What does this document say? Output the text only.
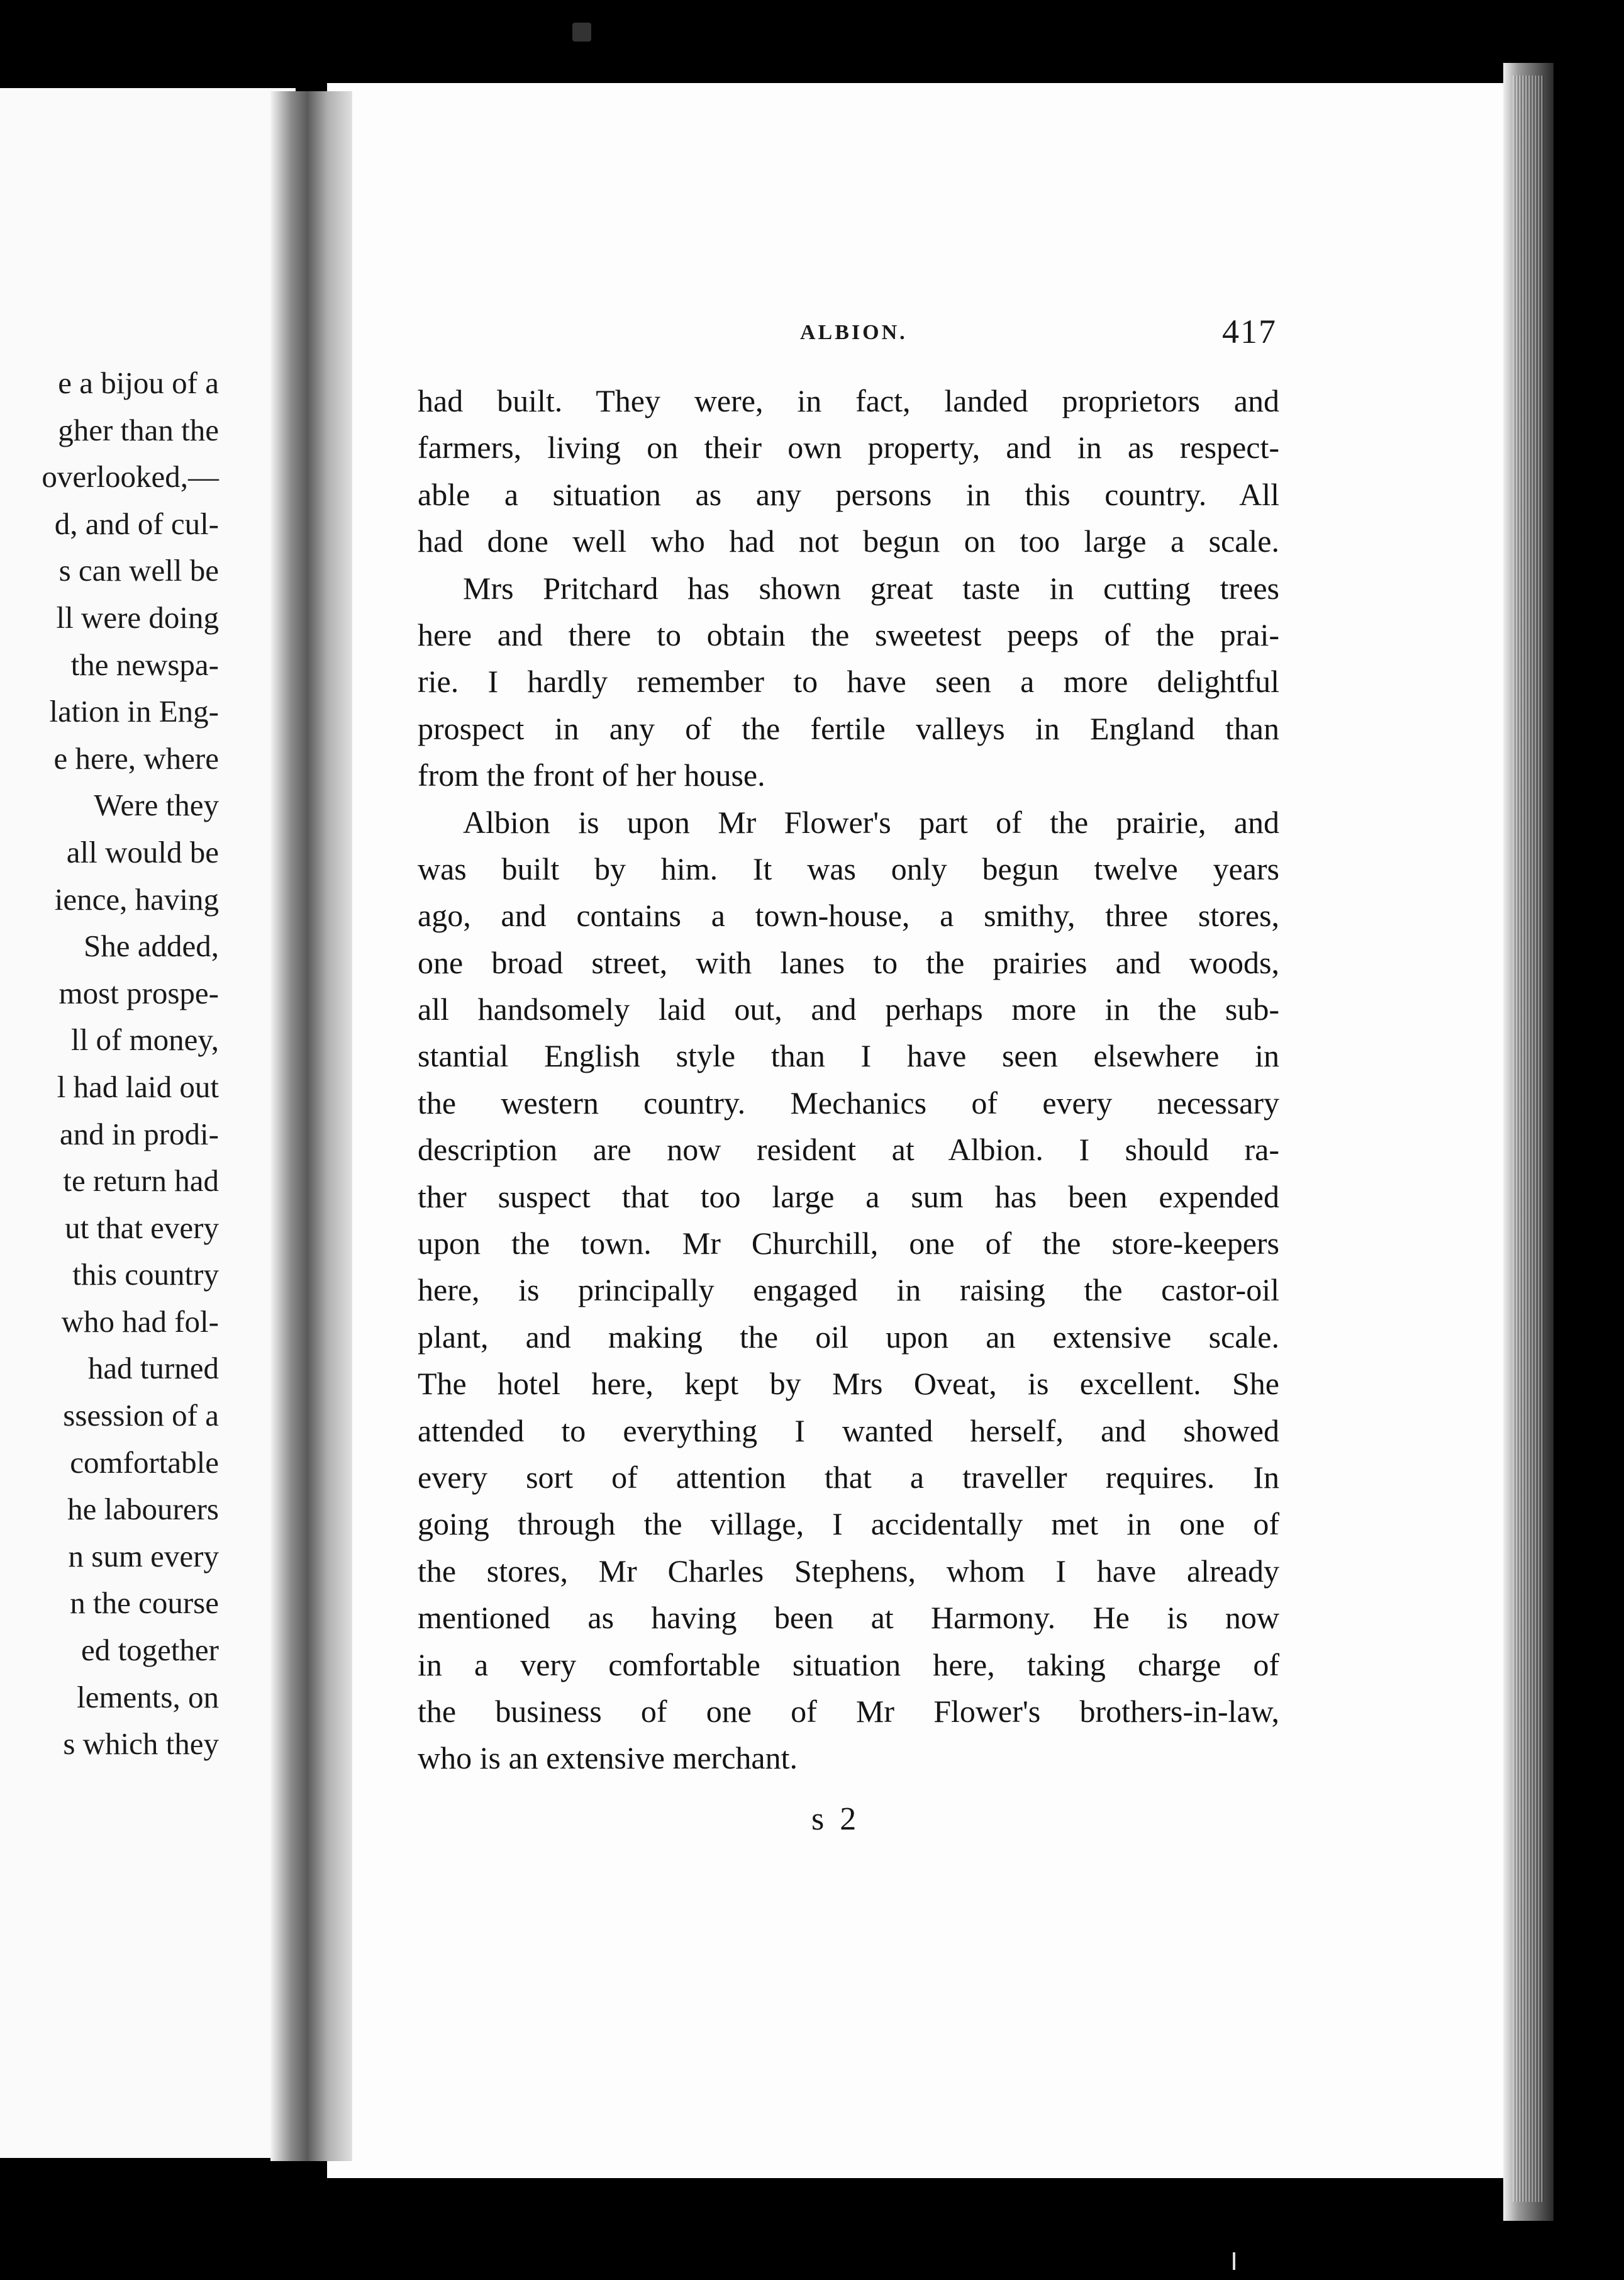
e a bijou of a
gher than the
overlooked,—
d, and of cul-
s can well be
ll were doing
the newspa-
lation in Eng-
e here, where
Were they
all would be
ience, having
She added,
most prospe-
ll of money,
l had laid out
and in prodi-
te return had
ut that every
this country
who had fol-
had turned
ssession of a
comfortable
he labourers
n sum every
n the course
ed together
lements, on
s which they
ALBION.	417
had built. They were, in fact, landed proprietors and
farmers, living on their own property, and in as respect-
able a situation as any persons in this country. All
had done well who had not begun on too large a scale.
Mrs Pritchard has shown great taste in cutting trees
here and there to obtain the sweetest peeps of the prai-
rie. I hardly remember to have seen a more delightful
prospect in any of the fertile valleys in England than
from the front of her house.
Albion is upon Mr Flower's part of the prairie, and
was built by him. It was only begun twelve years
ago, and contains a town-house, a smithy, three stores,
one broad street, with lanes to the prairies and woods,
all handsomely laid out, and perhaps more in the sub-
stantial English style than I have seen elsewhere in
the western country. Mechanics of every necessary
description are now resident at Albion. I should ra-
ther suspect that too large a sum has been expended
upon the town. Mr Churchill, one of the store-keepers
here, is principally engaged in raising the castor-oil
plant, and making the oil upon an extensive scale.
The hotel here, kept by Mrs Oveat, is excellent. She
attended to everything I wanted herself, and showed
every sort of attention that a traveller requires. In
going through the village, I accidentally met in one of
the stores, Mr Charles Stephens, whom I have already
mentioned as having been at Harmony. He is now
in a very comfortable situation here, taking charge of
the business of one of Mr Flower's brothers-in-law,
who is an extensive merchant.
s 2
